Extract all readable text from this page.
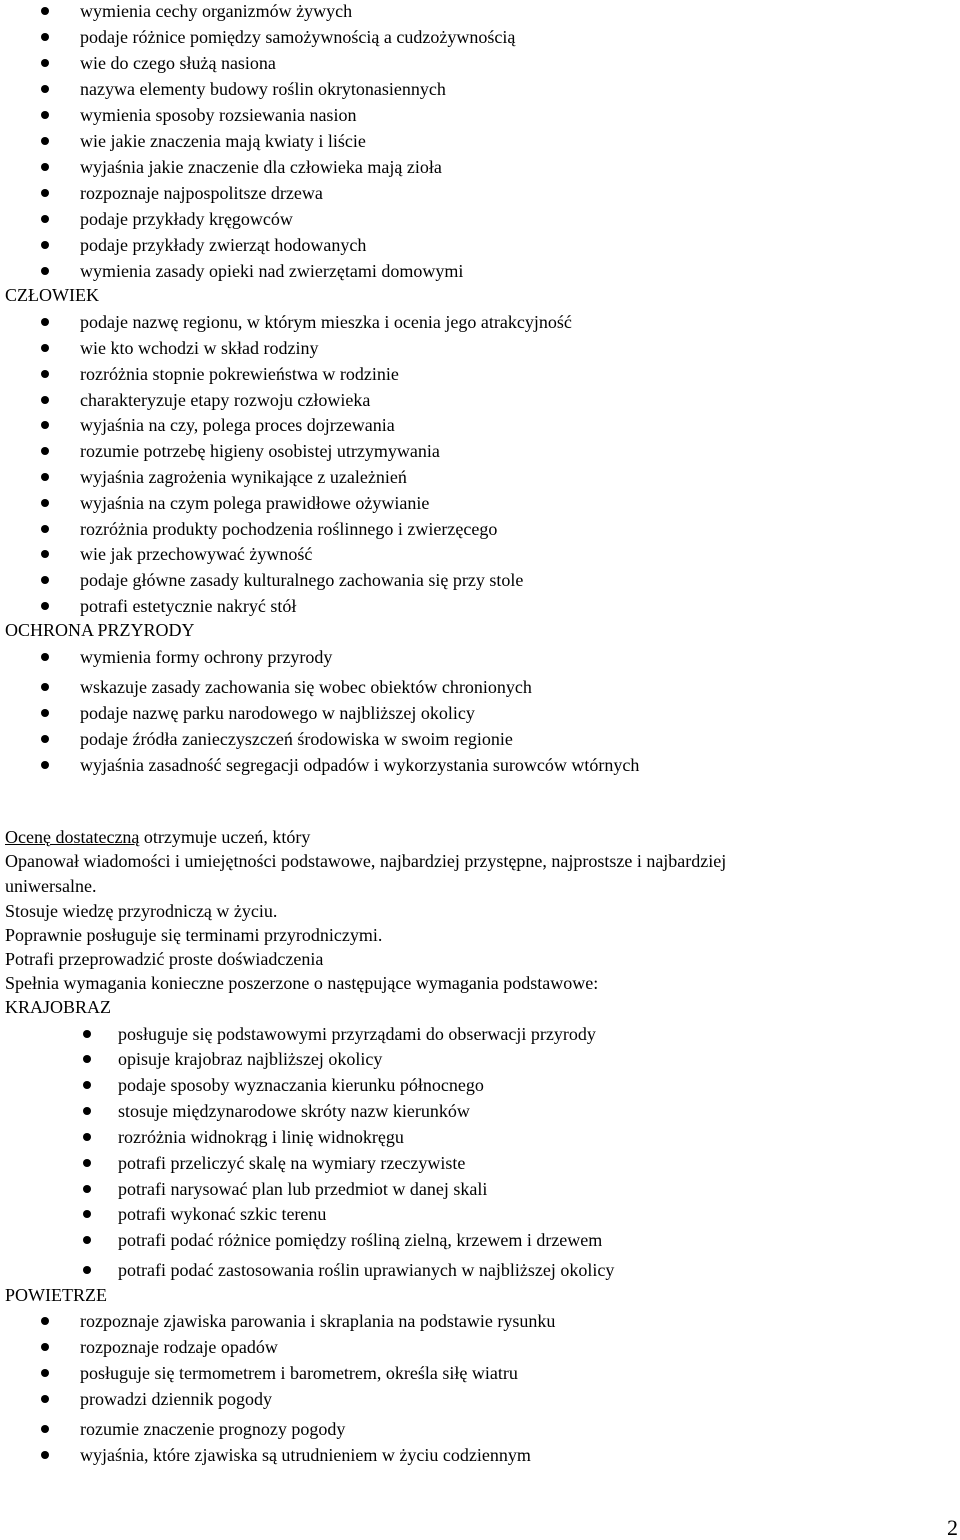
wymienia cechy organizmów żywych
podaje różnice pomiędzy samożywnością a cudzożywnością
wie do czego służą nasiona
nazywa elementy budowy roślin okrytonasiennych
wymienia sposoby rozsiewania nasion
wie jakie znaczenia mają kwiaty i liście
wyjaśnia jakie znaczenie dla człowieka mają zioła
rozpoznaje najpospolitsze drzewa
podaje przykłady kręgowców
podaje przykłady zwierząt hodowanych
wymienia zasady opieki nad zwierzętami domowymi
CZŁOWIEK
podaje nazwę regionu, w którym mieszka i ocenia jego atrakcyjność
wie kto wchodzi w skład rodziny
rozróżnia stopnie pokrewieństwa w rodzinie
charakteryzuje etapy rozwoju człowieka
wyjaśnia na czy, polega proces dojrzewania
rozumie potrzebę higieny osobistej utrzymywania
wyjaśnia zagrożenia wynikające z uzależnień
wyjaśnia na czym polega prawidłowe ożywianie
rozróżnia produkty pochodzenia roślinnego i zwierzęcego
wie jak przechowywać żywność
podaje główne zasady kulturalnego zachowania się przy stole
potrafi estetycznie nakryć stół
OCHRONA PRZYRODY
wymienia formy ochrony przyrody
wskazuje zasady zachowania się wobec obiektów chronionych
podaje nazwę parku narodowego w najbliższej okolicy
podaje źródła zanieczyszczeń środowiska w swoim regionie
wyjaśnia zasadność segregacji odpadów i wykorzystania surowców wtórnych
Ocenę dostateczną otrzymuje uczeń, który
Opanował wiadomości i umiejętności podstawowe, najbardziej przystępne, najprostsze i najbardziej
uniwersalne.
Stosuje wiedzę przyrodniczą w życiu.
Poprawnie posługuje się terminami przyrodniczymi.
Potrafi przeprowadzić proste doświadczenia
Spełnia wymagania konieczne poszerzone o następujące wymagania podstawowe:
KRAJOBRAZ
posługuje się podstawowymi przyrządami do obserwacji przyrody
opisuje krajobraz najbliższej okolicy
podaje sposoby wyznaczania kierunku północnego
stosuje międzynarodowe skróty nazw kierunków
rozróżnia widnokrąg i linię widnokręgu
potrafi przeliczyć skalę na wymiary rzeczywiste
potrafi narysować plan lub przedmiot w danej skali
potrafi wykonać szkic terenu
potrafi podać różnice pomiędzy rośliną zielną, krzewem i drzewem
potrafi podać zastosowania roślin uprawianych w najbliższej okolicy
POWIETRZE
rozpoznaje zjawiska parowania i skraplania na podstawie rysunku
rozpoznaje rodzaje opadów
posługuje się termometrem i barometrem, określa siłę wiatru
prowadzi dziennik pogody
rozumie znaczenie prognozy pogody
wyjaśnia, które zjawiska są utrudnieniem w życiu codziennym
2
